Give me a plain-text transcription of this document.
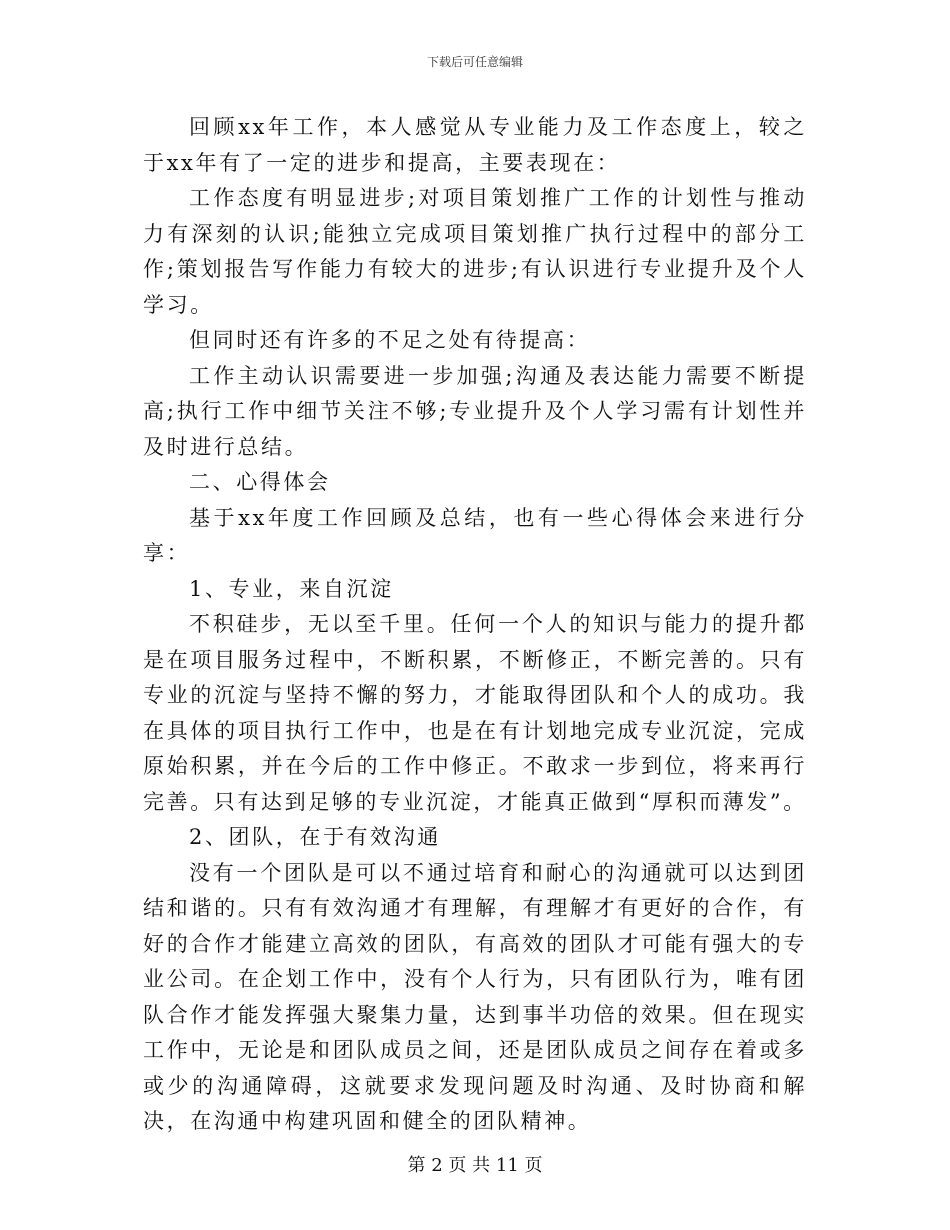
下载后可任意编辑

回顾xx年工作，本人感觉从专业能力及工作态度上，较之于xx年有了一定的进步和提高，主要表现在：

工作态度有明显进步;对项目策划推广工作的计划性与推动力有深刻的认识;能独立完成项目策划推广执行过程中的部分工作;策划报告写作能力有较大的进步;有认识进行专业提升及个人学习。

但同时还有许多的不足之处有待提高：

工作主动认识需要进一步加强;沟通及表达能力需要不断提高;执行工作中细节关注不够;专业提升及个人学习需有计划性并及时进行总结。

二、心得体会

基于xx年度工作回顾及总结，也有一些心得体会来进行分享：

1、专业，来自沉淀

不积硅步，无以至千里。任何一个人的知识与能力的提升都是在项目服务过程中，不断积累，不断修正，不断完善的。只有专业的沉淀与坚持不懈的努力，才能取得团队和个人的成功。我在具体的项目执行工作中，也是在有计划地完成专业沉淀，完成原始积累，并在今后的工作中修正。不敢求一步到位，将来再行完善。只有达到足够的专业沉淀，才能真正做到“厚积而薄发”。

2、团队，在于有效沟通

没有一个团队是可以不通过培育和耐心的沟通就可以达到团结和谐的。只有有效沟通才有理解，有理解才有更好的合作，有好的合作才能建立高效的团队，有高效的团队才可能有强大的专业公司。在企划工作中，没有个人行为，只有团队行为，唯有团队合作才能发挥强大聚集力量，达到事半功倍的效果。但在现实工作中，无论是和团队成员之间，还是团队成员之间存在着或多或少的沟通障碍，这就要求发现问题及时沟通、及时协商和解决，在沟通中构建巩固和健全的团队精神。

第 2 页 共 11 页
